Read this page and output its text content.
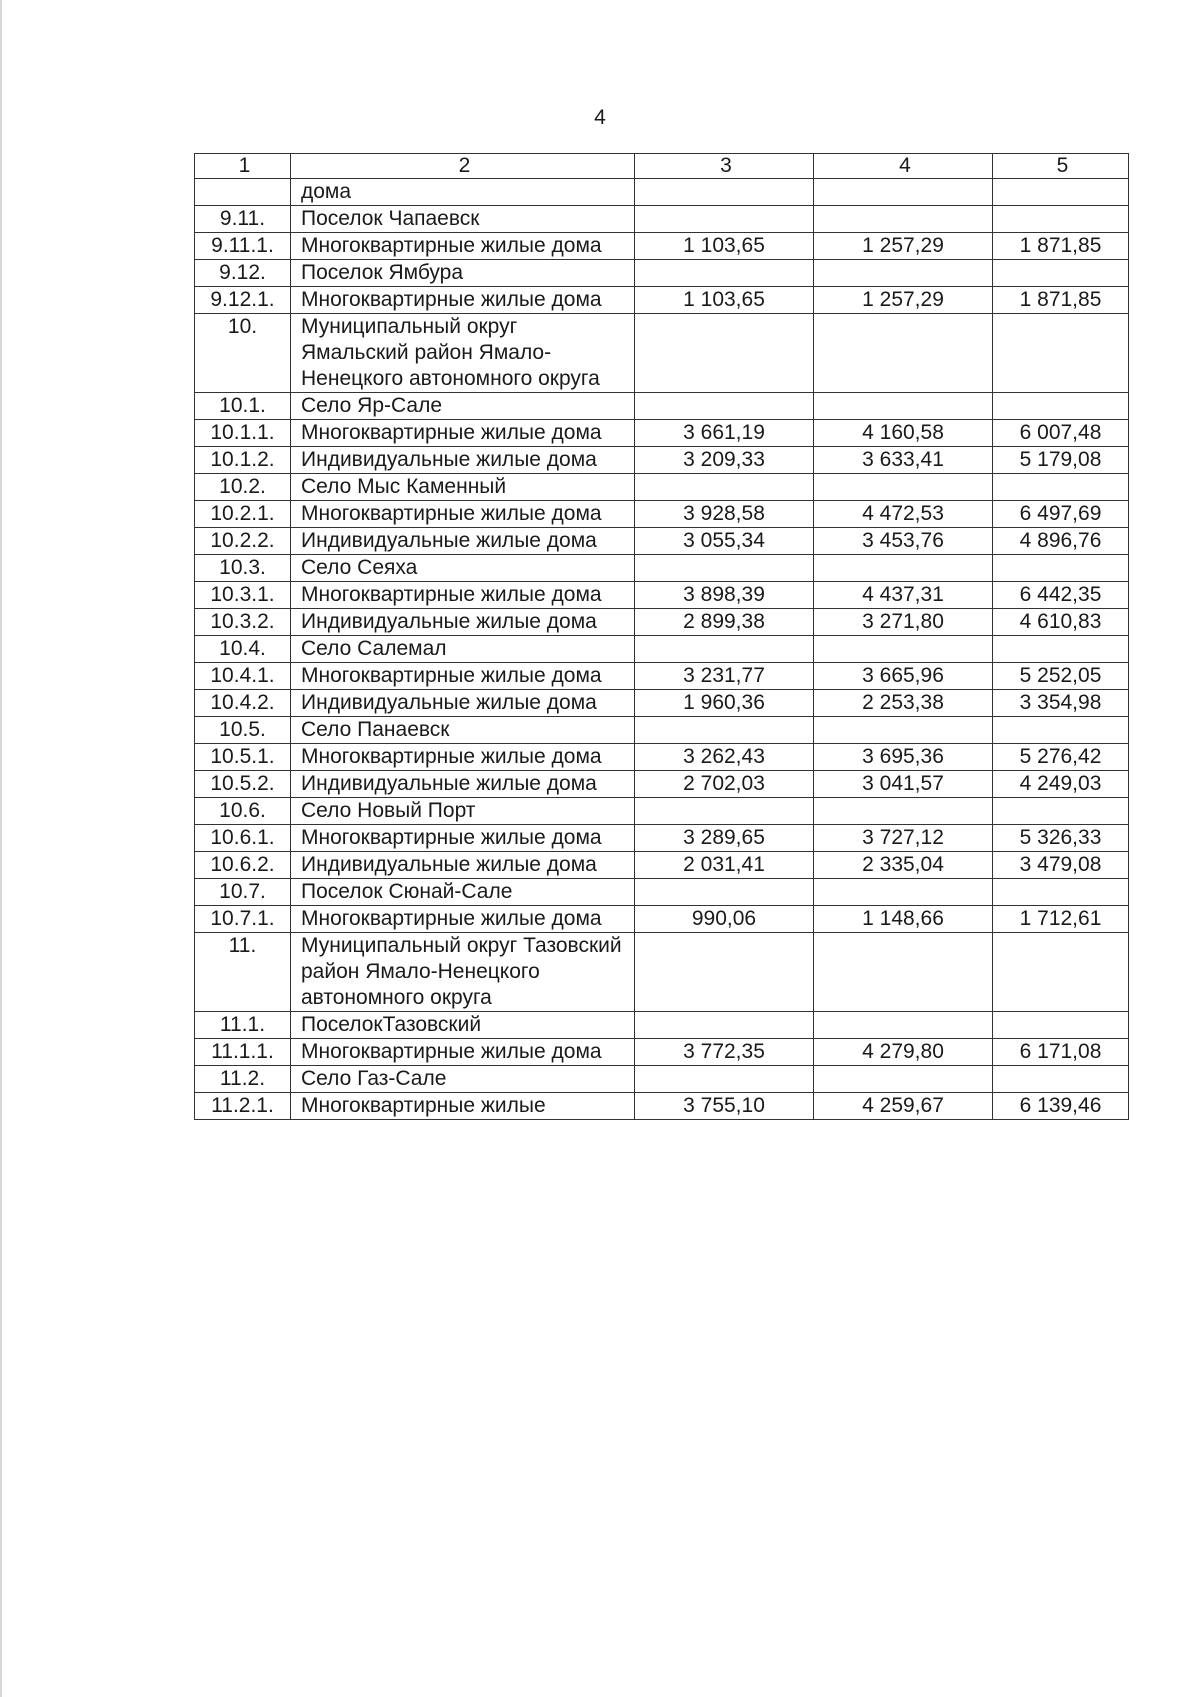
4
1	2	3	4	5
	дома			
9.11.	Поселок Чапаевск			
9.11.1.	Многоквартирные жилые дома	1 103,65	1 257,29	1 871,85
9.12.	Поселок Ямбура			
9.12.1.	Многоквартирные жилые дома	1 103,65	1 257,29	1 871,85
10.	Муниципальный округ Ямальский район Ямало-Ненецкого автономного округа			
10.1.	Село Яр-Сале			
10.1.1.	Многоквартирные жилые дома	3 661,19	4 160,58	6 007,48
10.1.2.	Индивидуальные жилые дома	3 209,33	3 633,41	5 179,08
10.2.	Село Мыс Каменный			
10.2.1.	Многоквартирные жилые дома	3 928,58	4 472,53	6 497,69
10.2.2.	Индивидуальные жилые дома	3 055,34	3 453,76	4 896,76
10.3.	Село Сеяха			
10.3.1.	Многоквартирные жилые дома	3 898,39	4 437,31	6 442,35
10.3.2.	Индивидуальные жилые дома	2 899,38	3 271,80	4 610,83
10.4.	Село Салемал			
10.4.1.	Многоквартирные жилые дома	3 231,77	3 665,96	5 252,05
10.4.2.	Индивидуальные жилые дома	1 960,36	2 253,38	3 354,98
10.5.	Село Панаевск			
10.5.1.	Многоквартирные жилые дома	3 262,43	3 695,36	5 276,42
10.5.2.	Индивидуальные жилые дома	2 702,03	3 041,57	4 249,03
10.6.	Село Новый Порт			
10.6.1.	Многоквартирные жилые дома	3 289,65	3 727,12	5 326,33
10.6.2.	Индивидуальные жилые дома	2 031,41	2 335,04	3 479,08
10.7.	Поселок Сюнай-Сале			
10.7.1.	Многоквартирные жилые дома	990,06	1 148,66	1 712,61
11.	Муниципальный округ Тазовский район Ямало-Ненецкого автономного округа			
11.1.	ПоселокТазовский			
11.1.1.	Многоквартирные жилые дома	3 772,35	4 279,80	6 171,08
11.2.	Село Газ-Сале			
11.2.1.	Многоквартирные жилые	3 755,10	4 259,67	6 139,46
